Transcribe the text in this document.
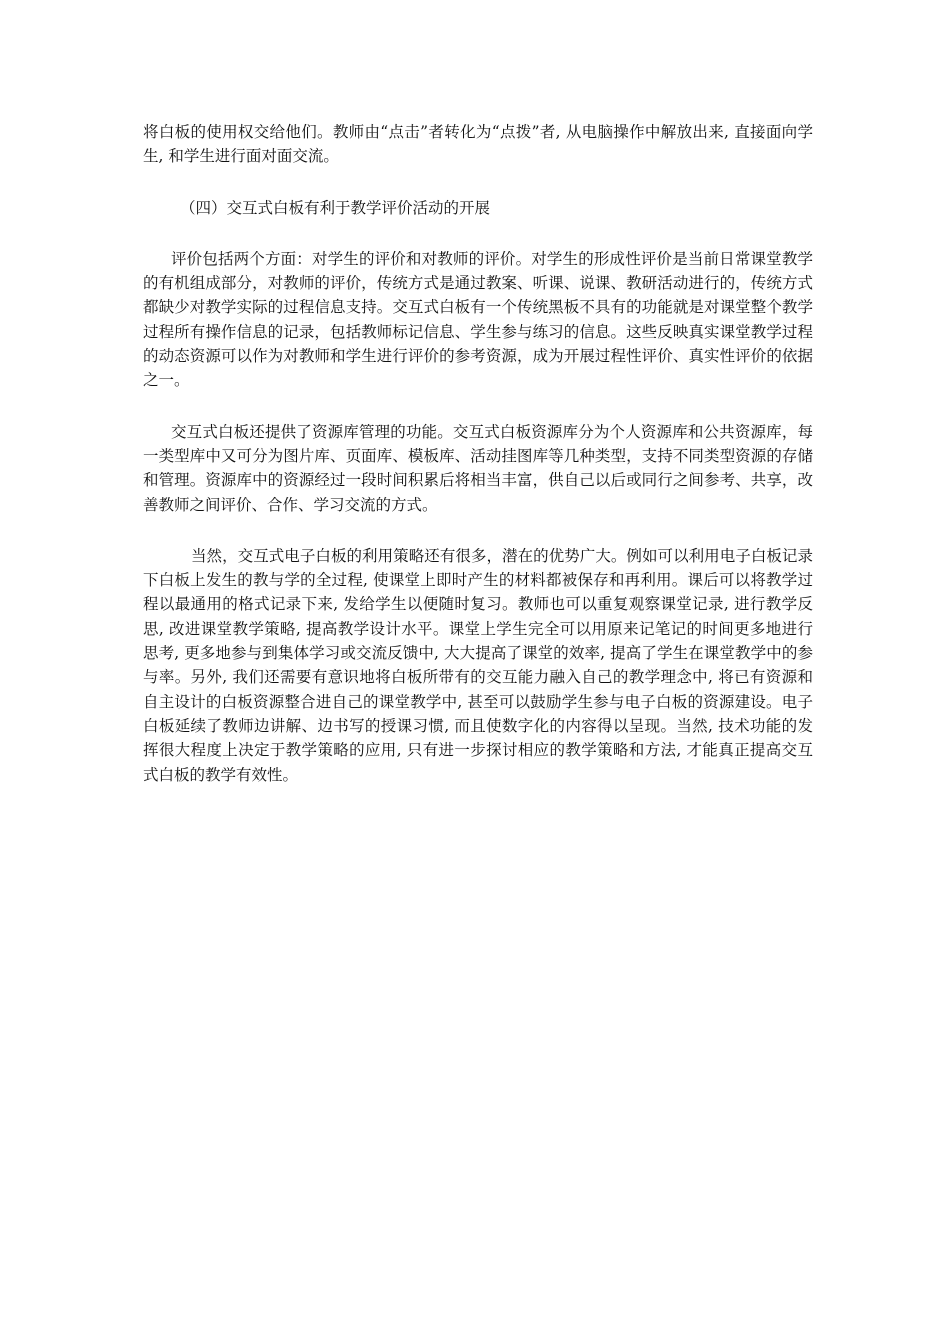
将白板的使用权交给他们。教师由“点击”者转化为“点拨”者, 从电脑操作中解放出来, 直接面向学生, 和学生进行面对面交流。

（四）交互式白板有利于教学评价活动的开展

评价包括两个方面：对学生的评价和对教师的评价。对学生的形成性评价是当前日常课堂教学的有机组成部分，对教师的评价，传统方式是通过教案、听课、说课、教研活动进行的，传统方式都缺少对教学实际的过程信息支持。交互式白板有一个传统黑板不具有的功能就是对课堂整个教学过程所有操作信息的记录，包括教师标记信息、学生参与练习的信息。这些反映真实课堂教学过程的动态资源可以作为对教师和学生进行评价的参考资源，成为开展过程性评价、真实性评价的依据之一。

交互式白板还提供了资源库管理的功能。交互式白板资源库分为个人资源库和公共资源库，每一类型库中又可分为图片库、页面库、模板库、活动挂图库等几种类型，支持不同类型资源的存储和管理。资源库中的资源经过一段时间积累后将相当丰富，供自己以后或同行之间参考、共享，改善教师之间评价、合作、学习交流的方式。

当然，交互式电子白板的利用策略还有很多，潜在的优势广大。例如可以利用电子白板记录下白板上发生的教与学的全过程, 使课堂上即时产生的材料都被保存和再利用。课后可以将教学过程以最通用的格式记录下来, 发给学生以便随时复习。教师也可以重复观察课堂记录, 进行教学反思, 改进课堂教学策略, 提高教学设计水平。课堂上学生完全可以用原来记笔记的时间更多地进行思考, 更多地参与到集体学习或交流反馈中, 大大提高了课堂的效率, 提高了学生在课堂教学中的参与率。另外, 我们还需要有意识地将白板所带有的交互能力融入自己的教学理念中, 将已有资源和自主设计的白板资源整合进自己的课堂教学中, 甚至可以鼓励学生参与电子白板的资源建设。电子白板延续了教师边讲解、边书写的授课习惯, 而且使数字化的内容得以呈现。当然, 技术功能的发挥很大程度上决定于教学策略的应用, 只有进一步探讨相应的教学策略和方法, 才能真正提高交互式白板的教学有效性。
